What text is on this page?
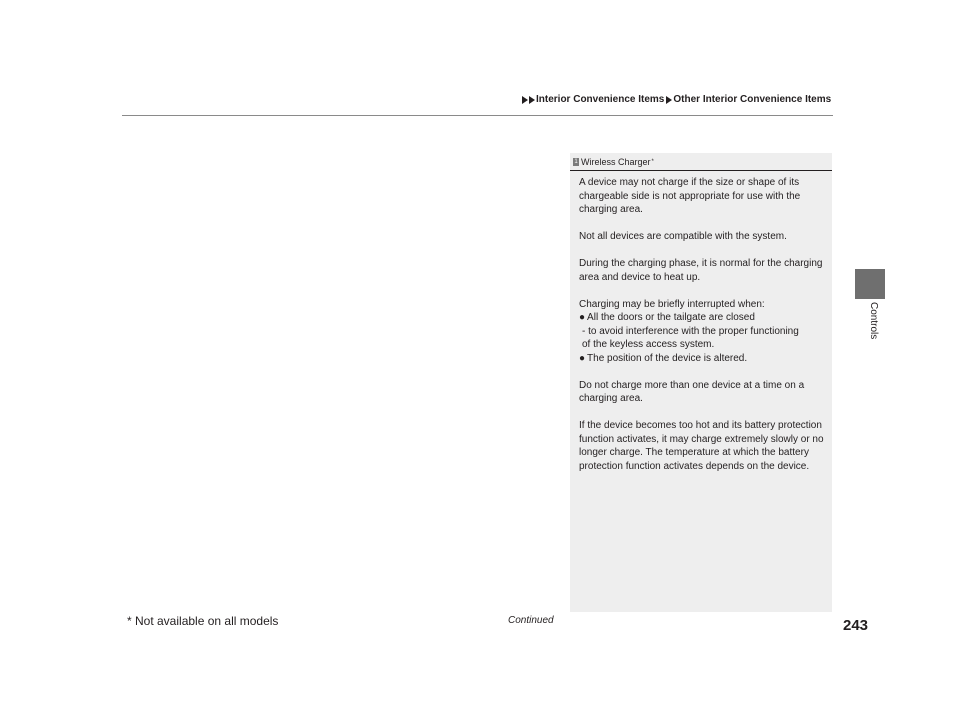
Interior Convenience Items Other Interior Convenience Items
Controls
1 Wireless Charger *

A device may not charge if the size or shape of its chargeable side is not appropriate for use with the charging area.

Not all devices are compatible with the system.

During the charging phase, it is normal for the charging area and device to heat up.

Charging may be briefly interrupted when:
● All the doors or the tailgate are closed
- to avoid interference with the proper functioning
of the keyless access system.
● The position of the device is altered.

Do not charge more than one device at a time on a charging area.

If the device becomes too hot and its battery protection function activates, it may charge extremely slowly or no longer charge. The temperature at which the battery protection function activates depends on the device.

Continued	243
* Not available on all models
